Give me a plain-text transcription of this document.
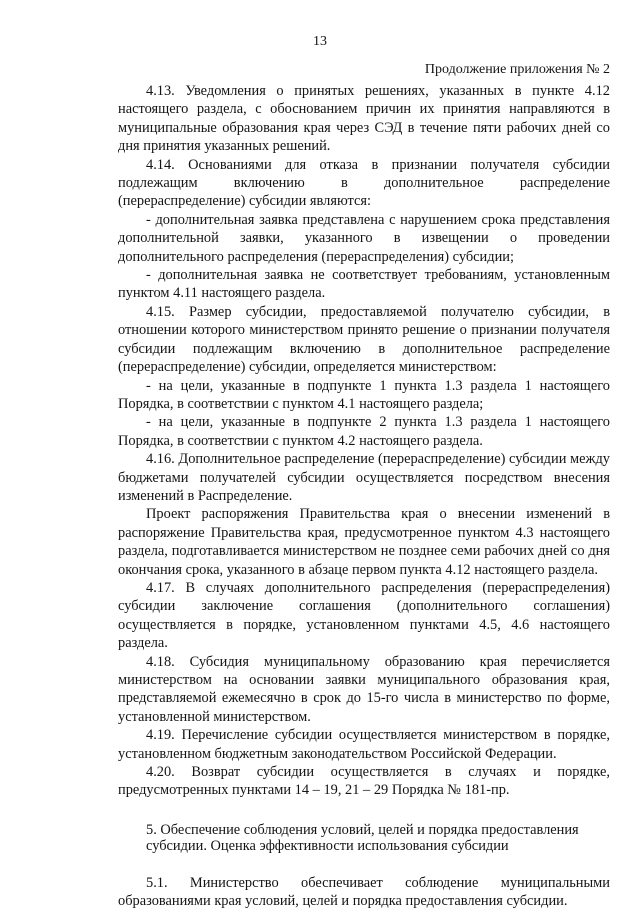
13
Продолжение приложения № 2

4.13. Уведомления о принятых решениях, указанных в пункте 4.12 настоящего раздела, с обоснованием причин их принятия направляются в муниципальные образования края через СЭД в течение пяти рабочих дней со дня принятия указанных решений.

4.14. Основаниями для отказа в признании получателя субсидии подлежащим включению в дополнительное распределение (перераспределение) субсидии являются:

- дополнительная заявка представлена с нарушением срока представления дополнительной заявки, указанного в извещении о проведении дополнительного распределения (перераспределения) субсидии;

- дополнительная заявка не соответствует требованиям, установленным пунктом 4.11 настоящего раздела.

4.15. Размер субсидии, предоставляемой получателю субсидии, в отношении которого министерством принято решение о признании получателя субсидии подлежащим включению в дополнительное распределение (перераспределение) субсидии, определяется министерством:

- на цели, указанные в подпункте 1 пункта 1.3 раздела 1 настоящего Порядка, в соответствии с пунктом 4.1 настоящего раздела;

- на цели, указанные в подпункте 2 пункта 1.3 раздела 1 настоящего Порядка, в соответствии с пунктом 4.2 настоящего раздела.

4.16. Дополнительное распределение (перераспределение) субсидии между бюджетами получателей субсидии осуществляется посредством внесения изменений в Распределение.

Проект распоряжения Правительства края о внесении изменений в распоряжение Правительства края, предусмотренное пунктом 4.3 настоящего раздела, подготавливается министерством не позднее семи рабочих дней со дня окончания срока, указанного в абзаце первом пункта 4.12 настоящего раздела.

4.17. В случаях дополнительного распределения (перераспределения) субсидии заключение соглашения (дополнительного соглашения) осуществляется в порядке, установленном пунктами 4.5, 4.6 настоящего раздела.

4.18. Субсидия муниципальному образованию края перечисляется министерством на основании заявки муниципального образования края, представляемой ежемесячно в срок до 15-го числа в министерство по форме, установленной министерством.

4.19. Перечисление субсидии осуществляется министерством в порядке, установленном бюджетным законодательством Российской Федерации.

4.20. Возврат субсидии осуществляется в случаях и порядке, предусмотренных пунктами 14 – 19, 21 – 29 Порядка № 181-пр.

5. Обеспечение соблюдения условий, целей и порядка предоставления субсидии. Оценка эффективности использования субсидии

5.1. Министерство обеспечивает соблюдение муниципальными образованиями края условий, целей и порядка предоставления субсидии.
